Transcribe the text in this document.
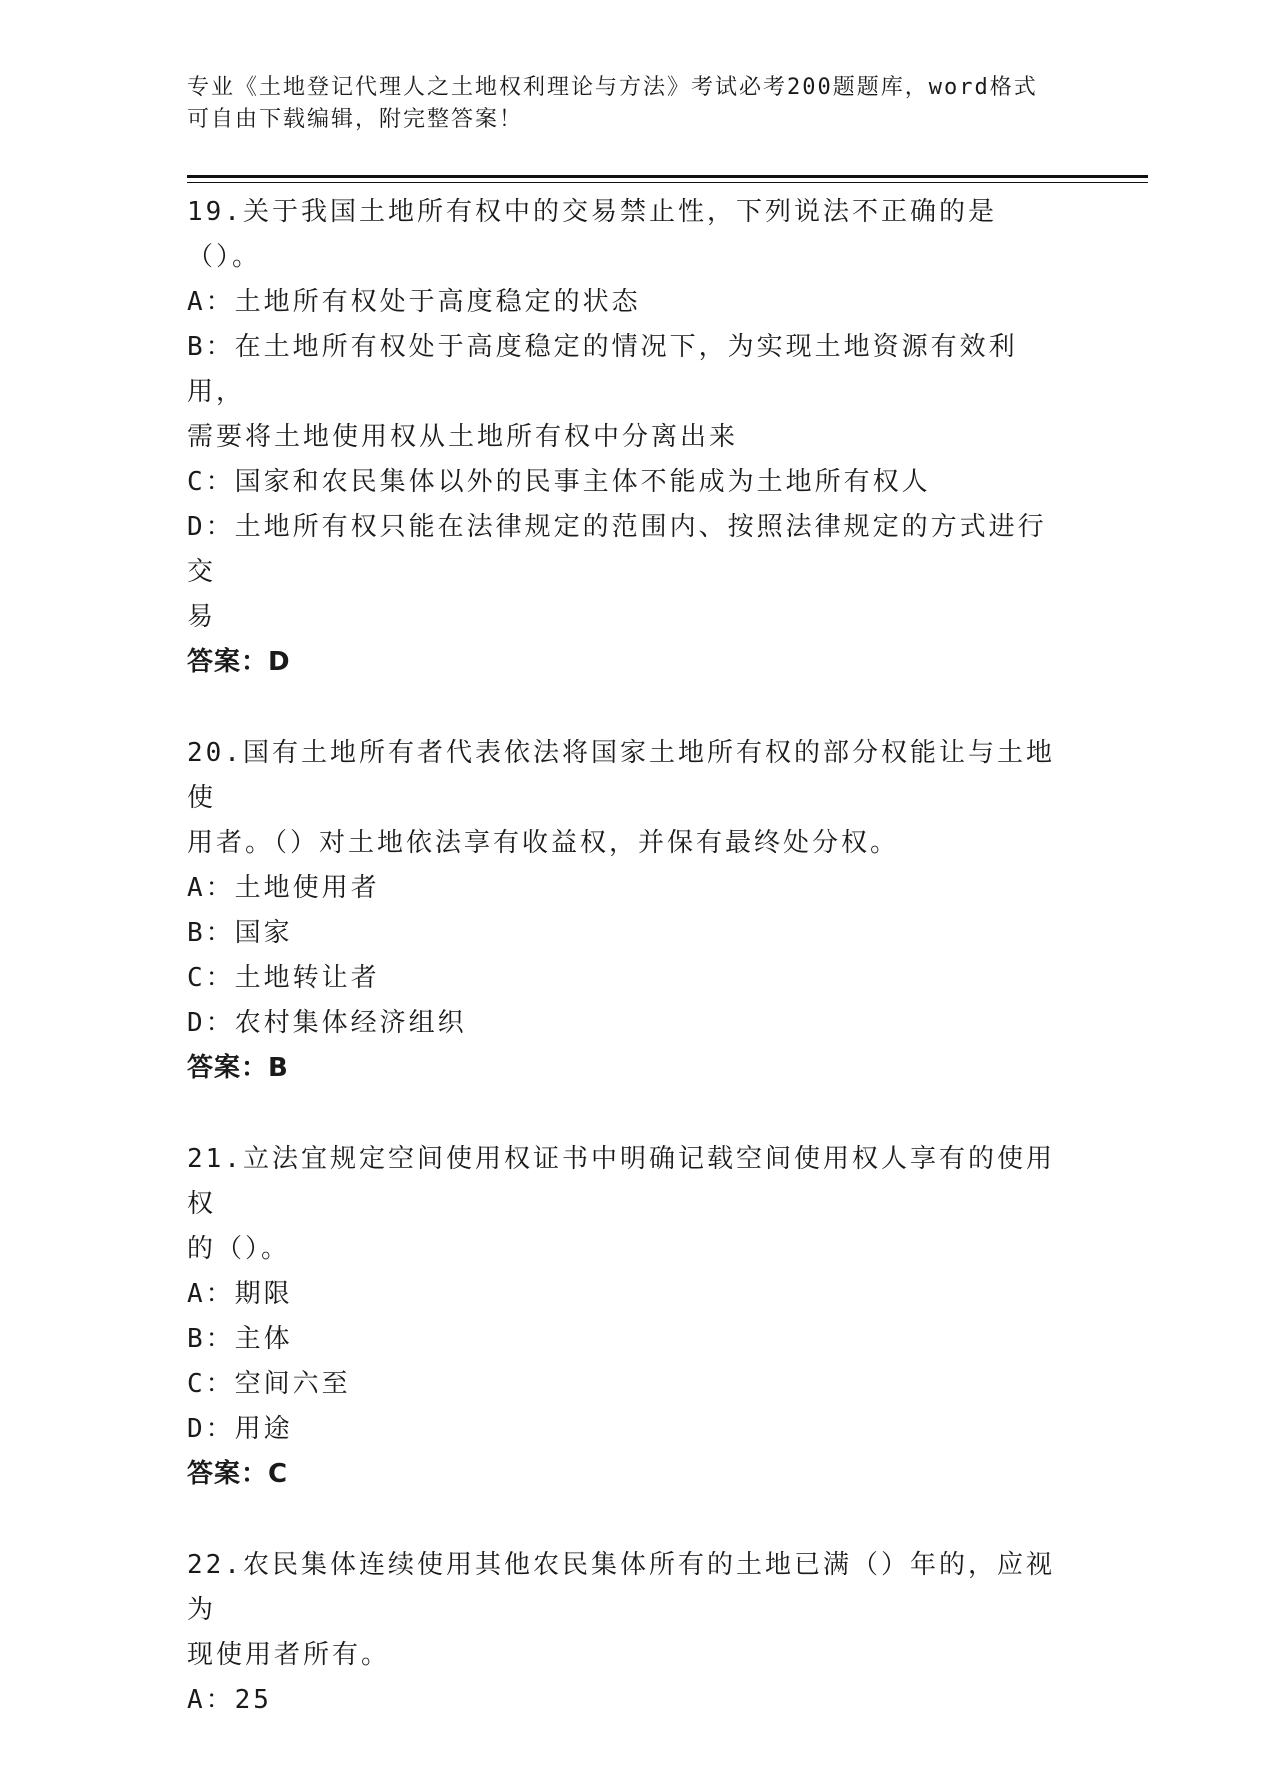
专业《土地登记代理人之土地权利理论与方法》考试必考200题题库，word格式
可自由下载编辑，附完整答案！
19.关于我国土地所有权中的交易禁止性，下列说法不正确的是（）。
A：土地所有权处于高度稳定的状态
B：在土地所有权处于高度稳定的情况下，为实现土地资源有效利用，
需要将土地使用权从土地所有权中分离出来
C：国家和农民集体以外的民事主体不能成为土地所有权人
D：土地所有权只能在法律规定的范围内、按照法律规定的方式进行交
易
答案：D
20.国有土地所有者代表依法将国家土地所有权的部分权能让与土地使
用者。（）对土地依法享有收益权，并保有最终处分权。
A：土地使用者
B：国家
C：土地转让者
D：农村集体经济组织
答案：B
21.立法宜规定空间使用权证书中明确记载空间使用权人享有的使用权
的（）。
A：期限
B：主体
C：空间六至
D：用途
答案：C
22.农民集体连续使用其他农民集体所有的土地已满（）年的，应视为
现使用者所有。
A：25
